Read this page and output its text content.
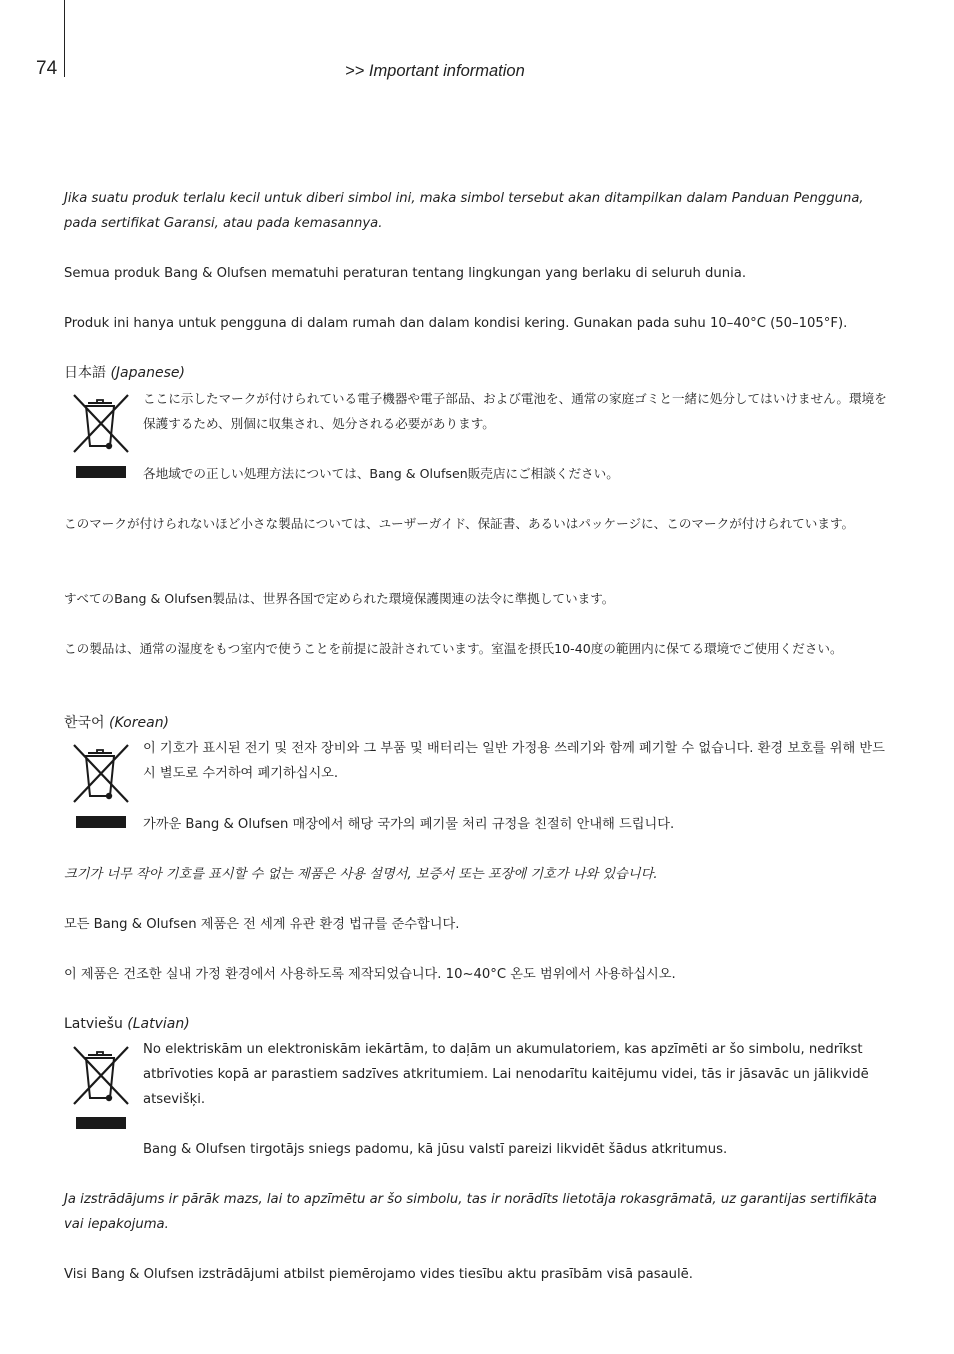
74	>> Important information

Jika suatu produk terlalu kecil untuk diberi simbol ini, maka simbol tersebut akan ditampilkan dalam Panduan Pengguna, pada sertifikat Garansi, atau pada kemasannya.

Semua produk Bang & Olufsen mematuhi peraturan tentang lingkungan yang berlaku di seluruh dunia.

Produk ini hanya untuk pengguna di dalam rumah dan dalam kondisi kering. Gunakan pada suhu 10–40°C (50–105°F).

日本語 (Japanese)

ここに示したマークが付けられている電子機器や電子部品、および電池を、通常の家庭ゴミと一緒に処分してはいけません。環境を保護するため、別個に収集され、処分される必要があります。

各地域での正しい処理方法については、Bang & Olufsen販売店にご相談ください。

このマークが付けられないほど小さな製品については、ユーザーガイド、保証書、あるいはパッケージに、このマークが付けられています。

すべてのBang & Olufsen製品は、世界各国で定められた環境保護関連の法令に準拠しています。

この製品は、通常の湿度をもつ室内で使うことを前提に設計されています。室温を摂氏10-40度の範囲内に保てる環境でご使用ください。

한국어 (Korean)

이 기호가 표시된 전기 및 전자 장비와 그 부품 및 배터리는 일반 가정용 쓰레기와 함께 폐기할 수 없습니다. 환경 보호를 위해 반드시 별도로 수거하여 폐기하십시오.

가까운 Bang & Olufsen 매장에서 해당 국가의 폐기물 처리 규정을 친절히 안내해 드립니다.

크기가 너무 작아 기호를 표시할 수 없는 제품은 사용 설명서, 보증서 또는 포장에 기호가 나와 있습니다.

모든 Bang & Olufsen 제품은 전 세계 유관 환경 법규를 준수합니다.

이 제품은 건조한 실내 가정 환경에서 사용하도록 제작되었습니다. 10~40°C 온도 범위에서 사용하십시오.

Latviešu (Latvian)

No elektriskām un elektroniskām iekārtām, to daļām un akumulatoriem, kas apzīmēti ar šo simbolu, nedrīkst atbrīvoties kopā ar parastiem sadzīves atkritumiem. Lai nenodarītu kaitējumu videi, tās ir jāsavāc un jālikvidē atsevišķi.

Bang & Olufsen tirgotājs sniegs padomu, kā jūsu valstī pareizi likvidēt šādus atkritumus.

Ja izstrādājums ir pārāk mazs, lai to apzīmētu ar šo simbolu, tas ir norādīts lietotāja rokasgrāmatā, uz garantijas sertifikāta vai iepakojuma.

Visi Bang & Olufsen izstrādājumi atbilst piemērojamo vides tiesību aktu prasībām visā pasaulē.
